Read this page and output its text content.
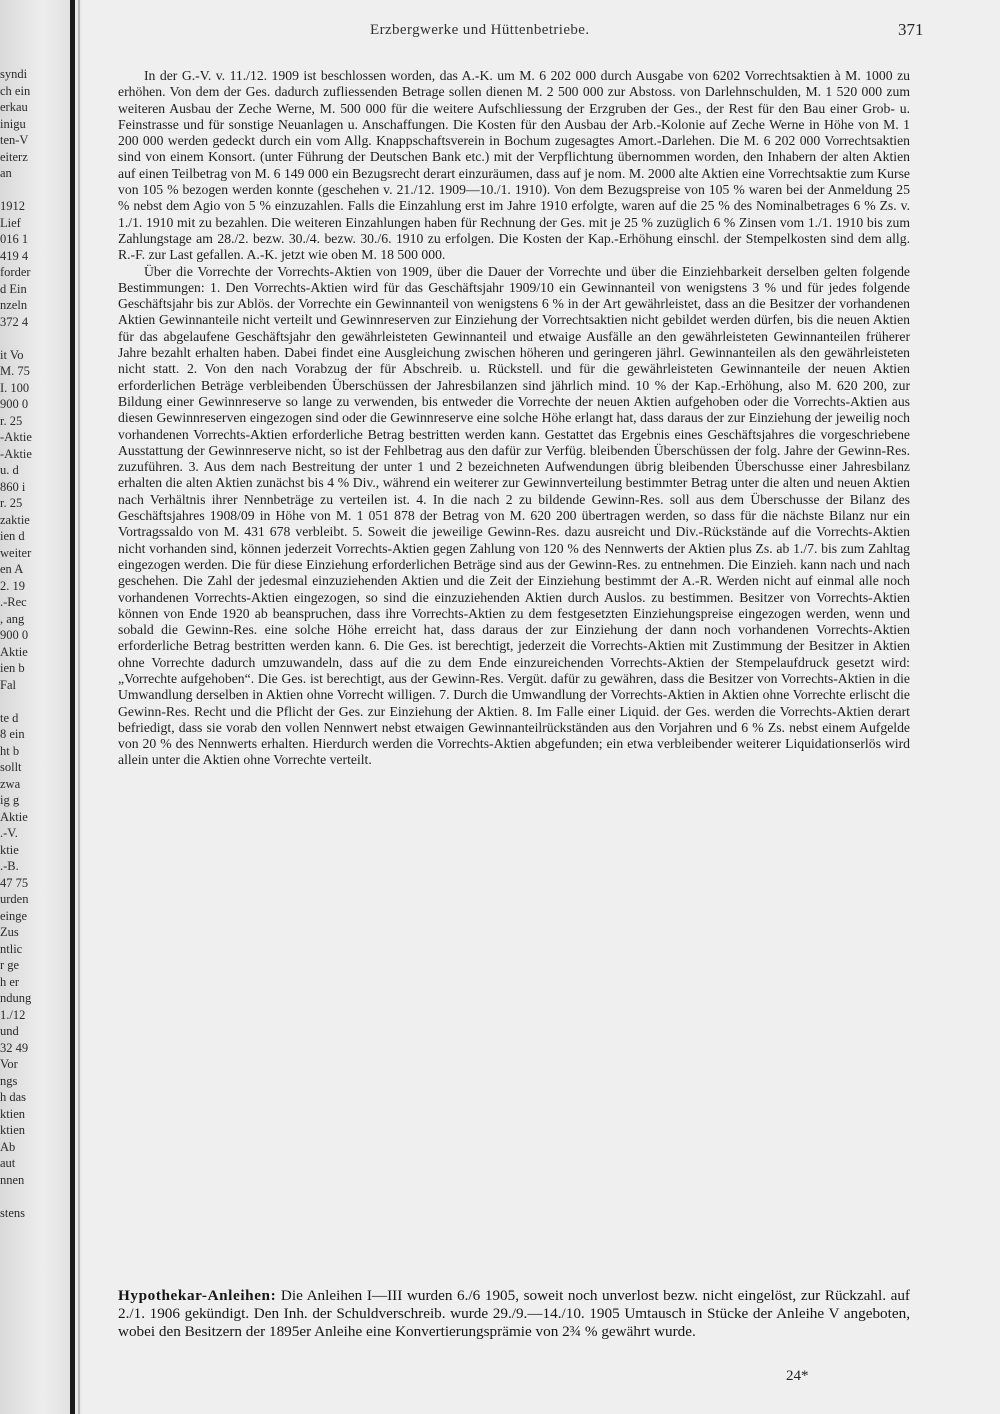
syndi
ch ein
erkau
inigu
ten-V
eiterz
an
1912
Lief
016 1
419 4
forder
d Ein
nzeln
372 4
it Vo
M. 75
I. 100
900 0
r. 25
-Aktie
-Aktie
u. d
860 i
r. 25
zaktie
ien d
weiter
en A
2. 19
.-Rec
, ang
900 0
Aktie
ien b
Fal
te d
8 ein
ht b
sollt
zwa
ig g
Aktie
.-V.
ktie
.-B.
47 75
urden
einge
Zus
ntlic
r ge
h er
ndung
1./12
und
32 49
Vor
ngs
h das
ktien
ktien
Ab
aut
nnen
stens
Erzbergwerke und Hüttenbetriebe.	371

In der G.-V. v. 11./12. 1909 ist beschlossen worden, das A.-K. um M. 6 202 000 durch Ausgabe von 6202 Vorrechtsaktien à M. 1000 zu erhöhen. Von dem der Ges. dadurch zufliessenden Betrage sollen dienen M. 2 500 000 zur Abstoss. von Darlehnschulden, M. 1 520 000 zum weiteren Ausbau der Zeche Werne, M. 500 000 für die weitere Aufschliessung der Erzgruben der Ges., der Rest für den Bau einer Grob- u. Feinstrasse und für sonstige Neuanlagen u. Anschaffungen. Die Kosten für den Ausbau der Arb.-Kolonie auf Zeche Werne in Höhe von M. 1 200 000 werden gedeckt durch ein vom Allg. Knappschaftsverein in Bochum zugesagtes Amort.-Darlehen. Die M. 6 202 000 Vorrechtsaktien sind von einem Konsort. (unter Führung der Deutschen Bank etc.) mit der Verpflichtung übernommen worden, den Inhabern der alten Aktien auf einen Teilbetrag von M. 6 149 000 ein Bezugsrecht derart einzuräumen, dass auf je nom. M. 2000 alte Aktien eine Vorrechtsaktie zum Kurse von 105 % bezogen werden konnte (geschehen v. 21./12. 1909—10./1. 1910). Von dem Bezugspreise von 105 % waren bei der Anmeldung 25 % nebst dem Agio von 5 % einzuzahlen. Falls die Einzahlung erst im Jahre 1910 erfolgte, waren auf die 25 % des Nominalbetrages 6 % Zs. v. 1./1. 1910 mit zu bezahlen. Die weiteren Einzahlungen haben für Rechnung der Ges. mit je 25 % zuzüglich 6 % Zinsen vom 1./1. 1910 bis zum Zahlungstage am 28./2. bezw. 30./4. bezw. 30./6. 1910 zu erfolgen. Die Kosten der Kap.-Erhöhung einschl. der Stempelkosten sind dem allg. R.-F. zur Last gefallen. A.-K. jetzt wie oben M. 18 500 000.

Über die Vorrechte der Vorrechts-Aktien von 1909, über die Dauer der Vorrechte und über die Einziehbarkeit derselben gelten folgende Bestimmungen: 1. Den Vorrechts-Aktien wird für das Geschäftsjahr 1909/10 ein Gewinnanteil von wenigstens 3 % und für jedes folgende Geschäftsjahr bis zur Ablös. der Vorrechte ein Gewinnanteil von wenigstens 6 % in der Art gewährleistet, dass an die Besitzer der vorhandenen Aktien Gewinnanteile nicht verteilt und Gewinnreserven zur Einziehung der Vorrechtsaktien nicht gebildet werden dürfen, bis die neuen Aktien für das abgelaufene Geschäftsjahr den gewährleisteten Gewinnanteil und etwaige Ausfälle an den gewährleisteten Gewinnanteilen früherer Jahre bezahlt erhalten haben. Dabei findet eine Ausgleichung zwischen höheren und geringeren jährl. Gewinnanteilen als den gewährleisteten nicht statt. 2. Von den nach Vorabzug der für Abschreib. u. Rückstell. und für die gewährleisteten Gewinnanteile der neuen Aktien erforderlichen Beträge verbleibenden Überschüssen der Jahresbilanzen sind jährlich mind. 10 % der Kap.-Erhöhung, also M. 620 200, zur Bildung einer Gewinnreserve so lange zu verwenden, bis entweder die Vorrechte der neuen Aktien aufgehoben oder die Vorrechts-Aktien aus diesen Gewinnreserven eingezogen sind oder die Gewinnreserve eine solche Höhe erlangt hat, dass daraus der zur Einziehung der jeweilig noch vorhandenen Vorrechts-Aktien erforderliche Betrag bestritten werden kann. Gestattet das Ergebnis eines Geschäftsjahres die vorgeschriebene Ausstattung der Gewinnreserve nicht, so ist der Fehlbetrag aus den dafür zur Verfüg. bleibenden Überschüssen der folg. Jahre der Gewinn-Res. zuzuführen. 3. Aus dem nach Bestreitung der unter 1 und 2 bezeichneten Aufwendungen übrig bleibenden Überschusse einer Jahresbilanz erhalten die alten Aktien zunächst bis 4 % Div., während ein weiterer zur Gewinnverteilung bestimmter Betrag unter die alten und neuen Aktien nach Verhältnis ihrer Nennbeträge zu verteilen ist. 4. In die nach 2 zu bildende Gewinn-Res. soll aus dem Überschusse der Bilanz des Geschäftsjahres 1908/09 in Höhe von M. 1 051 878 der Betrag von M. 620 200 übertragen werden, so dass für die nächste Bilanz nur ein Vortragssaldo von M. 431 678 verbleibt. 5. Soweit die jeweilige Gewinn-Res. dazu ausreicht und Div.-Rückstände auf die Vorrechts-Aktien nicht vorhanden sind, können jederzeit Vorrechts-Aktien gegen Zahlung von 120 % des Nennwerts der Aktien plus Zs. ab 1./7. bis zum Zahltag eingezogen werden. Die für diese Einziehung erforderlichen Beträge sind aus der Gewinn-Res. zu entnehmen. Die Einzieh. kann nach und nach geschehen. Die Zahl der jedesmal einzuziehenden Aktien und die Zeit der Einziehung bestimmt der A.-R. Werden nicht auf einmal alle noch vorhandenen Vorrechts-Aktien eingezogen, so sind die einzuziehenden Aktien durch Auslos. zu bestimmen. Besitzer von Vorrechts-Aktien können von Ende 1920 ab beanspruchen, dass ihre Vorrechts-Aktien zu dem festgesetzten Einziehungspreise eingezogen werden, wenn und sobald die Gewinn-Res. eine solche Höhe erreicht hat, dass daraus der zur Einziehung der dann noch vorhandenen Vorrechts-Aktien erforderliche Betrag bestritten werden kann. 6. Die Ges. ist berechtigt, jederzeit die Vorrechts-Aktien mit Zustimmung der Besitzer in Aktien ohne Vorrechte dadurch umzuwandeln, dass auf die zu dem Ende einzureichenden Vorrechts-Aktien der Stempelaufdruck gesetzt wird: „Vorrechte aufgehoben“. Die Ges. ist berechtigt, aus der Gewinn-Res. Vergüt. dafür zu gewähren, dass die Besitzer von Vorrechts-Aktien in die Umwandlung derselben in Aktien ohne Vorrecht willigen. 7. Durch die Umwandlung der Vorrechts-Aktien in Aktien ohne Vorrechte erlischt die Gewinn-Res. Recht und die Pflicht der Ges. zur Einziehung der Aktien. 8. Im Falle einer Liquid. der Ges. werden die Vorrechts-Aktien derart befriedigt, dass sie vorab den vollen Nennwert nebst etwaigen Gewinnanteilrückständen aus den Vorjahren und 6 % Zs. nebst einem Aufgelde von 20 % des Nennwerts erhalten. Hierdurch werden die Vorrechts-Aktien abgefunden; ein etwa verbleibender weiterer Liquidationserlös wird allein unter die Aktien ohne Vorrechte verteilt.

Hypothekar-Anleihen: Die Anleihen I—III wurden 6./6 1905, soweit noch unverlost bezw. nicht eingelöst, zur Rückzahl. auf 2./1. 1906 gekündigt. Den Inh. der Schuldverschreib. wurde 29./9.—14./10. 1905 Umtausch in Stücke der Anleihe V angeboten, wobei den Besitzern der 1895er Anleihe eine Konvertierungsprämie von 2¾ % gewährt wurde.
24*
